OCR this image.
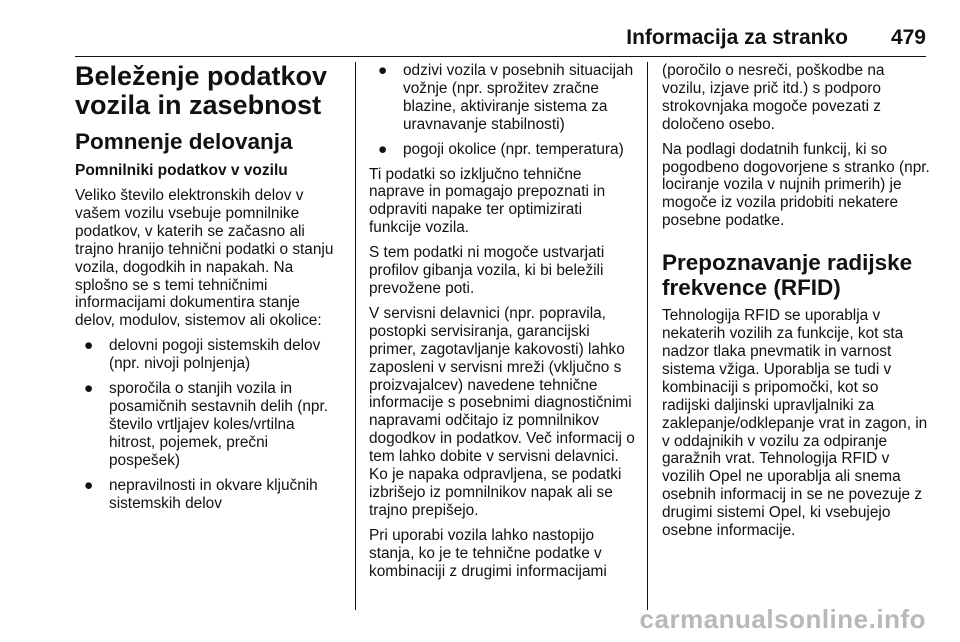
Informacija za stranko 479
Beleženje podatkov vozila in zasebnost
Pomnenje delovanja
Pomnilniki podatkov v vozilu

Veliko število elektronskih delov v vašem vozilu vsebuje pomnilnike podatkov, v katerih se začasno ali trajno hranijo tehnični podatki o stanju vozila, dogodkih in napakah. Na splošno se s temi tehničnimi informacijami dokumentira stanje delov, modulov, sistemov ali okolice:

● delovni pogoji sistemskih delov (npr. nivoji polnjenja)
● sporočila o stanjih vozila in posamičnih sestavnih delih (npr. število vrtljajev koles/vrtilna hitrost, pojemek, prečni pospešek)
● nepravilnosti in okvare ključnih sistemskih delov
● odzivi vozila v posebnih situacijah vožnje (npr. sprožitev zračne blazine, aktiviranje sistema za uravnavanje stabilnosti)
● pogoji okolice (npr. temperatura)

Ti podatki so izključno tehnične naprave in pomagajo prepoznati in odpraviti napake ter optimizirati funkcije vozila.

S tem podatki ni mogoče ustvarjati profilov gibanja vozila, ki bi beležili prevožene poti.

V servisni delavnici (npr. popravila, postopki servisiranja, garancijski primer, zagotavljanje kakovosti) lahko zaposleni v servisni mreži (vključno s proizvajalcev) navedene tehnične informacije s posebnimi diagnostičnimi napravami odčitajo iz pomnilnikov dogodkov in podatkov. Več informacij o tem lahko dobite v servisni delavnici. Ko je napaka odpravljena, se podatki izbrišejo iz pomnilnikov napak ali se trajno prepišejo.

Pri uporabi vozila lahko nastopijo stanja, ko je te tehnične podatke v kombinaciji z drugimi informacijami

(poročilo o nesreči, poškodbe na vozilu, izjave prič itd.) s podporo strokovnjaka mogoče povezati z določeno osebo.

Na podlagi dodatnih funkcij, ki so pogodbeno dogovorjene s stranko (npr. lociranje vozila v nujnih primerih) je mogoče iz vozila pridobiti nekatere posebne podatke.

Prepoznavanje radijske frekvence (RFID)

Tehnologija RFID se uporablja v nekaterih vozilih za funkcije, kot sta nadzor tlaka pnevmatik in varnost sistema vžiga. Uporablja se tudi v kombinaciji s pripomočki, kot so radijski daljinski upravljalniki za zaklepanje/odklepanje vrat in zagon, in v oddajnikih v vozilu za odpiranje garažnih vrat. Tehnologija RFID v vozilih Opel ne uporablja ali snema osebnih informacij in se ne povezuje z drugimi sistemi Opel, ki vsebujejo osebne informacije.

carmanualsonline.info
